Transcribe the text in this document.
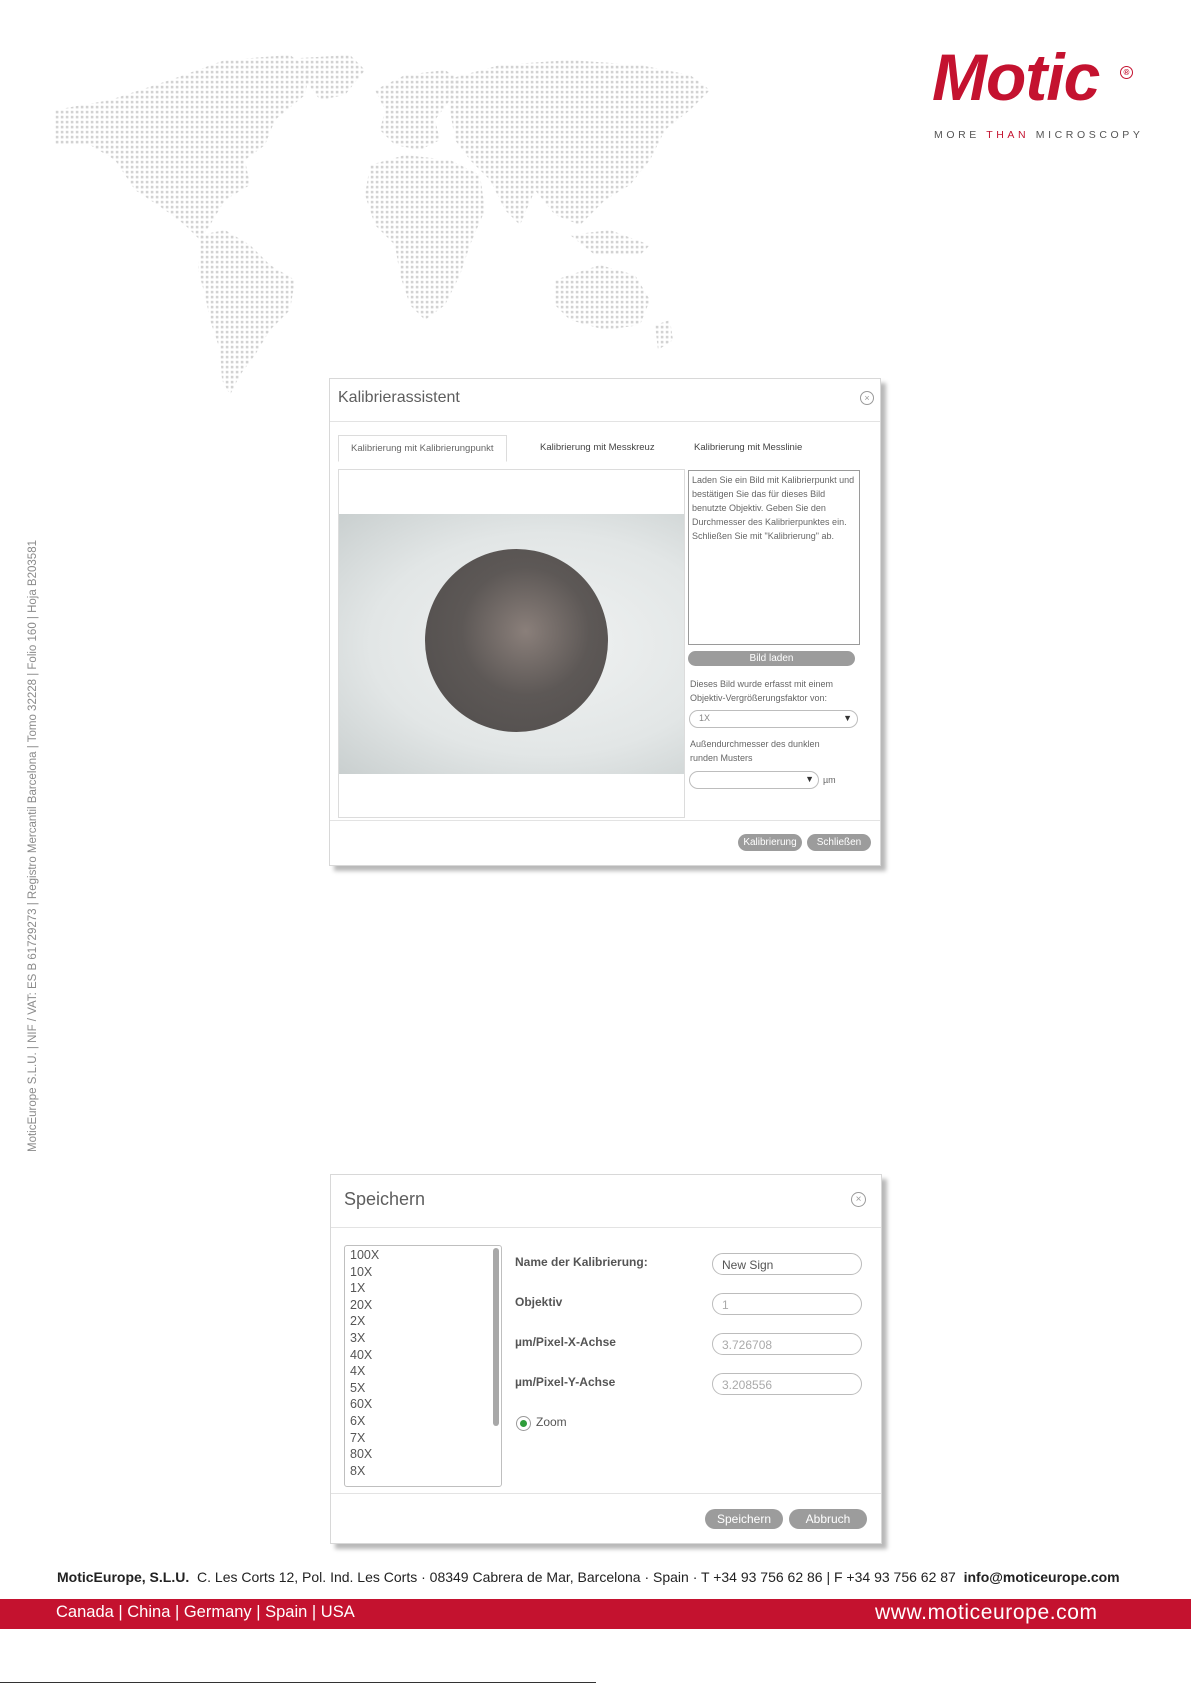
Motic	®
MORE THAN MICROSCOPY
MoticEurope S.L.U. | NIF / VAT: ES B 61729273 | Registro Mercantil Barcelona | Tomo 32228 | Folio 160 | Hoja B203581
Kalibrierassistent	×
Kalibrierung mit Kalibrierungpunkt	Kalibrierung mit Messkreuz	Kalibrierung mit Messlinie
Laden Sie ein Bild mit Kalibrierpunkt und bestätigen Sie das für dieses Bild benutzte Objektiv. Geben Sie den Durchmesser des Kalibrierpunktes ein. Schließen Sie mit "Kalibrierung" ab.
Bild laden
Dieses Bild wurde erfasst mit einem Objektiv-Vergrößerungsfaktor von:
1X	▼
Außendurchmesser des dunklen runden Musters
▼ µm
Kalibrierung	Schließen
Speichern	×
100X
10X
1X
20X
2X
3X
40X
4X
5X
60X
6X
7X
80X
8X
Name der Kalibrierung:	New Sign
Objektiv	1
µm/Pixel-X-Achse	3.726708
µm/Pixel-Y-Achse	3.208556
Zoom
Speichern	Abbruch
MoticEurope, S.L.U. C. Les Corts 12, Pol. Ind. Les Corts · 08349 Cabrera de Mar, Barcelona · Spain · T +34 93 756 62 86 | F +34 93 756 62 87 info@moticeurope.com
Canada | China | Germany | Spain | USA	www.moticeurope.com
